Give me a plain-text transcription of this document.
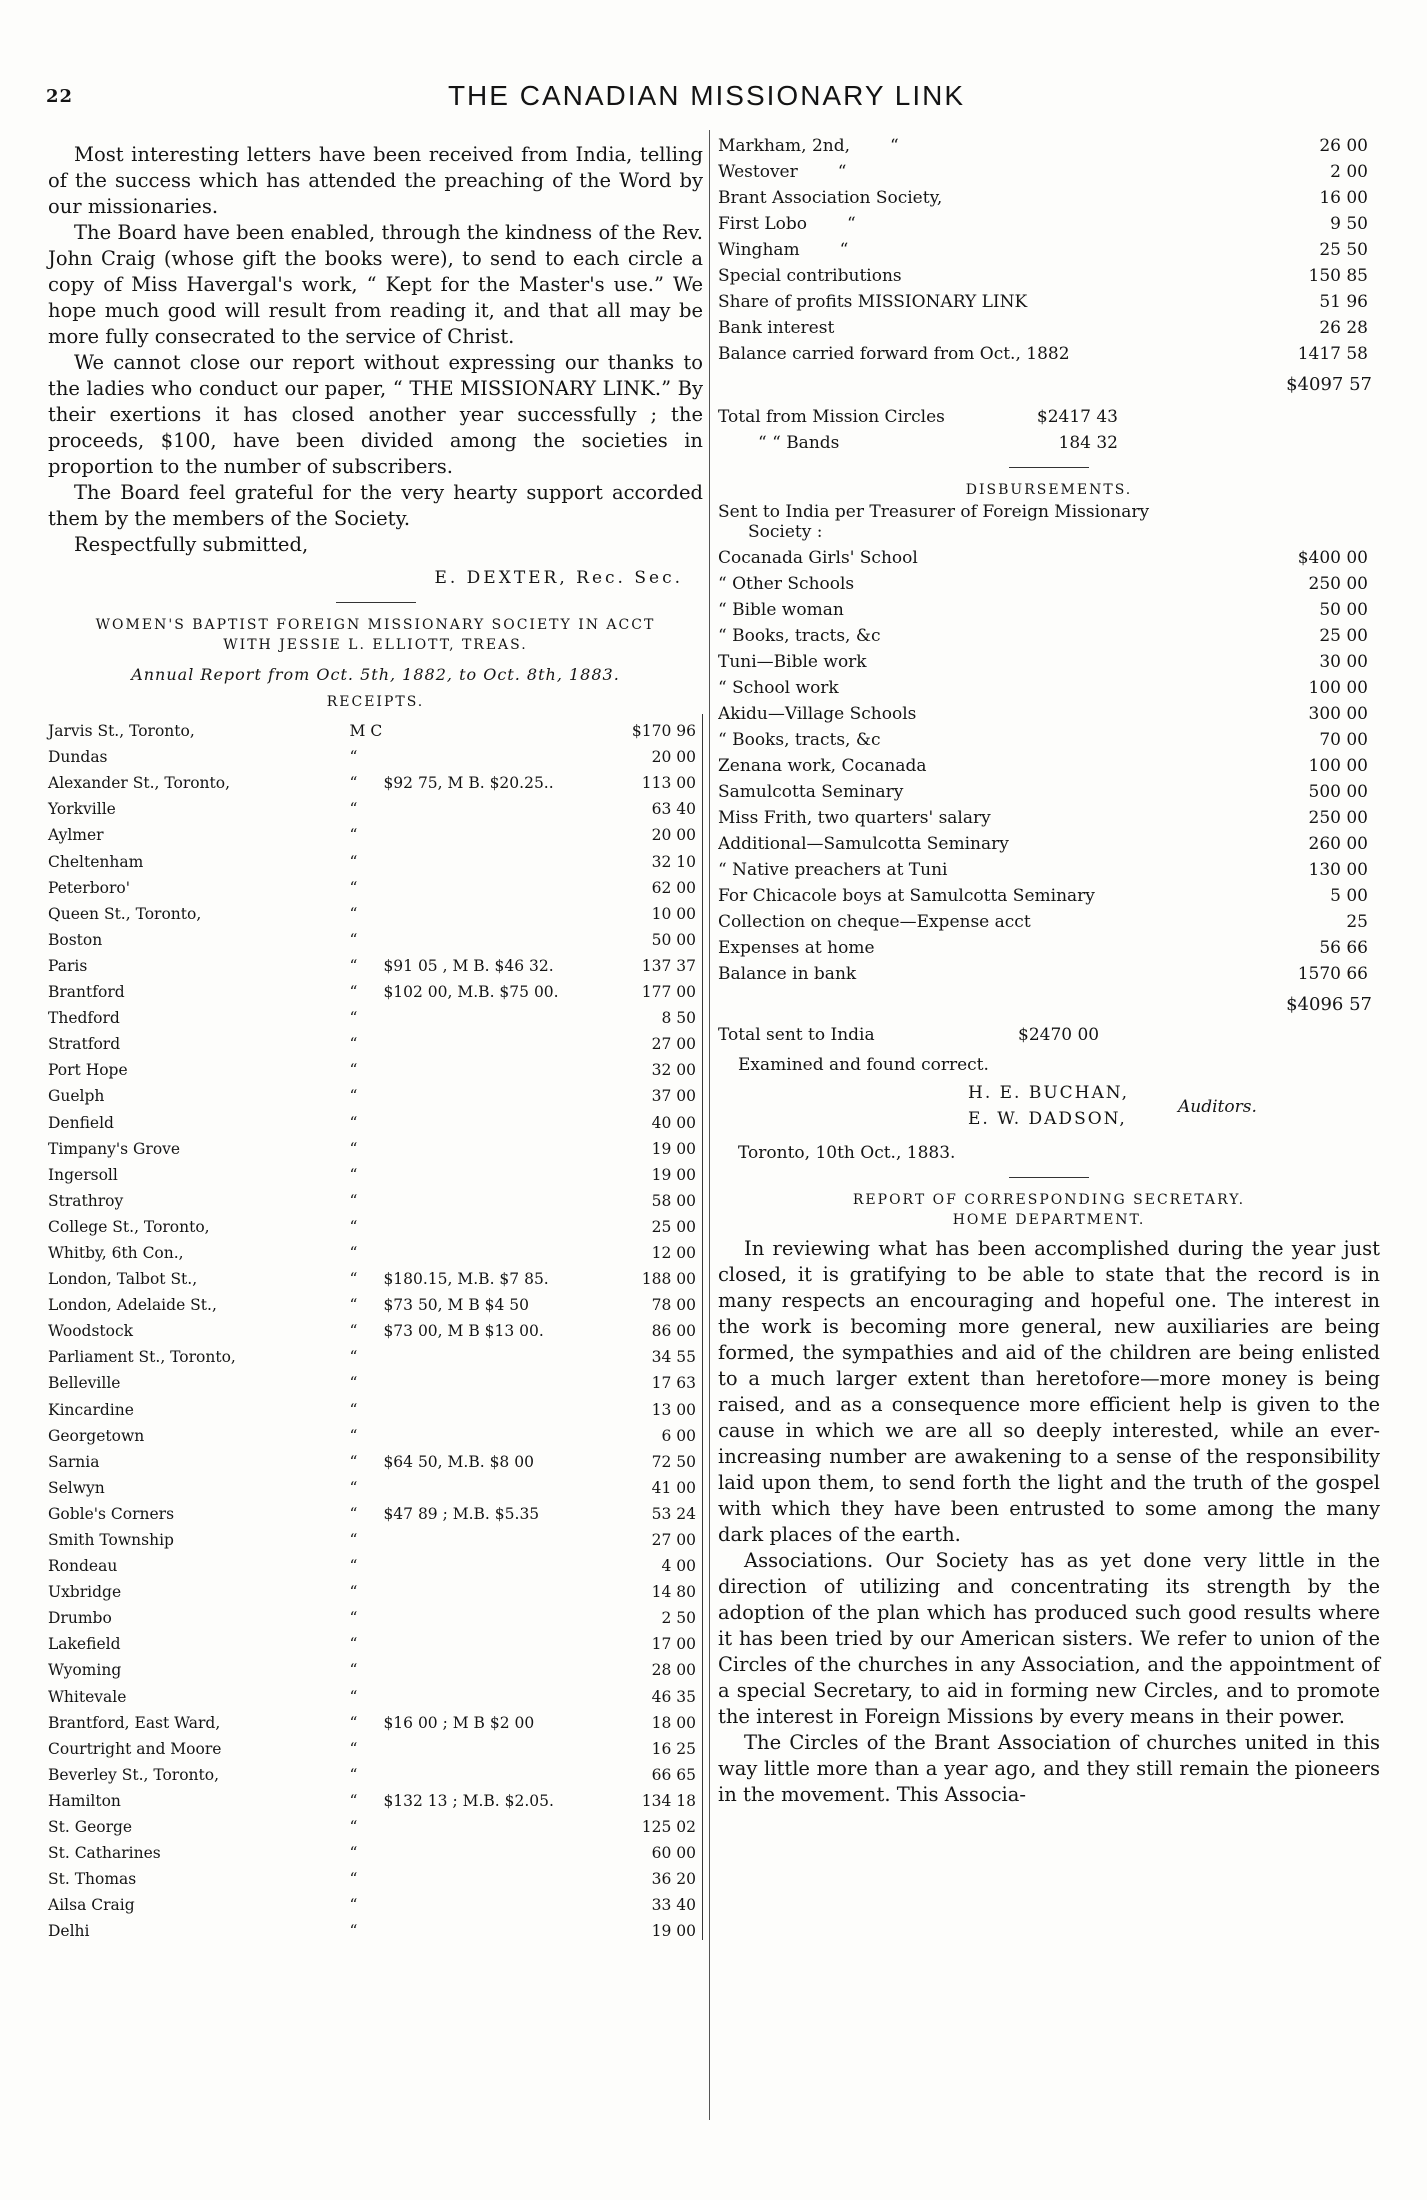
22	THE CANADIAN MISSIONARY LINK

Most interesting letters have been received from India, telling of the success which has attended the preaching of the Word by our missionaries.

The Board have been enabled, through the kindness of the Rev. John Craig (whose gift the books were), to send to each circle a copy of Miss Havergal's work, “ Kept for the Master's use.” We hope much good will result from reading it, and that all may be more fully consecrated to the service of Christ.

We cannot close our report without expressing our thanks to the ladies who conduct our paper, “ THE MISSIONARY LINK.” By their exertions it has closed another year successfully ; the proceeds, $100, have been divided among the societies in proportion to the number of subscribers.

The Board feel grateful for the very hearty support accorded them by the members of the Society.

Respectfully submitted,

E. DEXTER, Rec. Sec.
WOMEN'S BAPTIST FOREIGN MISSIONARY SOCIETY IN ACCT
WITH JESSIE L. ELLIOTT, TREAS.
Annual Report from Oct. 5th, 1882, to Oct. 8th, 1883.
RECEIPTS.
Jarvis St., Toronto,	M C		$170 96
Dundas	“		20 00
Alexander St., Toronto,	“	$92 75, M B. $20.25..	113 00
Yorkville	“		63 40
Aylmer	“		20 00
Cheltenham	“		32 10
Peterboro'	“		62 00
Queen St., Toronto,	“		10 00
Boston	“		50 00
Paris	“	$91 05 , M B. $46 32.	137 37
Brantford	“	$102 00, M.B. $75 00.	177 00
Thedford	“		8 50
Stratford	“		27 00
Port Hope	“		32 00
Guelph	“		37 00
Denfield	“		40 00
Timpany's Grove	“		19 00
Ingersoll	“		19 00
Strathroy	“		58 00
College St., Toronto,	“		25 00
Whitby, 6th Con.,	“		12 00
London, Talbot St.,	“	$180.15, M.B. $7 85.	188 00
London, Adelaide St.,	“	$73 50, M B $4 50	78 00
Woodstock	“	$73 00, M B $13 00.	86 00
Parliament St., Toronto,	“		34 55
Belleville	“		17 63
Kincardine	“		13 00
Georgetown	“		6 00
Sarnia	“	$64 50, M.B. $8 00	72 50
Selwyn	“		41 00
Goble's Corners	“	$47 89 ; M.B. $5.35	53 24
Smith Township	“		27 00
Rondeau	“		4 00
Uxbridge	“		14 80
Drumbo	“		2 50
Lakefield	“		17 00
Wyoming	“		28 00
Whitevale	“		46 35
Brantford, East Ward,	“	$16 00 ; M B $2 00	18 00
Courtright and Moore	“		16 25
Beverley St., Toronto,	“		66 65
Hamilton	“	$132 13 ; M.B. $2.05.	134 18
St. George	“		125 02
St. Catharines	“		60 00
St. Thomas	“		36 20
Ailsa Craig	“		33 40
Delhi	“		19 00
Markham, 2nd, “	26 00
Westover “	2 00
Brant Association Society,	16 00
First Lobo “	9 50
Wingham “	25 50
Special contributions	150 85
Share of profits MISSIONARY LINK	51 96
Bank interest	26 28
Balance carried forward from Oct., 1882	1417 58
$4097 57
Total from Mission Circles	$2417 43
“ “ Bands	184 32
DISBURSEMENTS.
Sent to India per Treasurer of Foreign Missionary
Society :
Cocanada Girls' School	$400 00
“ Other Schools	250 00
“ Bible woman	50 00
“ Books, tracts, &c	25 00
Tuni—Bible work	30 00
“ School work	100 00
Akidu—Village Schools	300 00
“ Books, tracts, &c	70 00
Zenana work, Cocanada	100 00
Samulcotta Seminary	500 00
Miss Frith, two quarters' salary	250 00
Additional—Samulcotta Seminary	260 00
“ Native preachers at Tuni	130 00
For Chicacole boys at Samulcotta Seminary	5 00
Collection on cheque—Expense acct	25
Expenses at home	56 66
Balance in bank	1570 66
$4096 57
Total sent to India	$2470 00
Examined and found correct.
H. E. BUCHAN,
E. W. DADSON,
Auditors.
Toronto, 10th Oct., 1883.
REPORT OF CORRESPONDING SECRETARY.
HOME DEPARTMENT.

In reviewing what has been accomplished during the year just closed, it is gratifying to be able to state that the record is in many respects an encouraging and hopeful one. The interest in the work is becoming more general, new auxiliaries are being formed, the sympathies and aid of the children are being enlisted to a much larger extent than heretofore—more money is being raised, and as a consequence more efficient help is given to the cause in which we are all so deeply interested, while an ever-increasing number are awakening to a sense of the responsibility laid upon them, to send forth the light and the truth of the gospel with which they have been entrusted to some among the many dark places of the earth.

Associations. Our Society has as yet done very little in the direction of utilizing and concentrating its strength by the adoption of the plan which has produced such good results where it has been tried by our American sisters. We refer to union of the Circles of the churches in any Association, and the appointment of a special Secretary, to aid in forming new Circles, and to promote the interest in Foreign Missions by every means in their power.

The Circles of the Brant Association of churches united in this way little more than a year ago, and they still remain the pioneers in the movement. This Associa-
